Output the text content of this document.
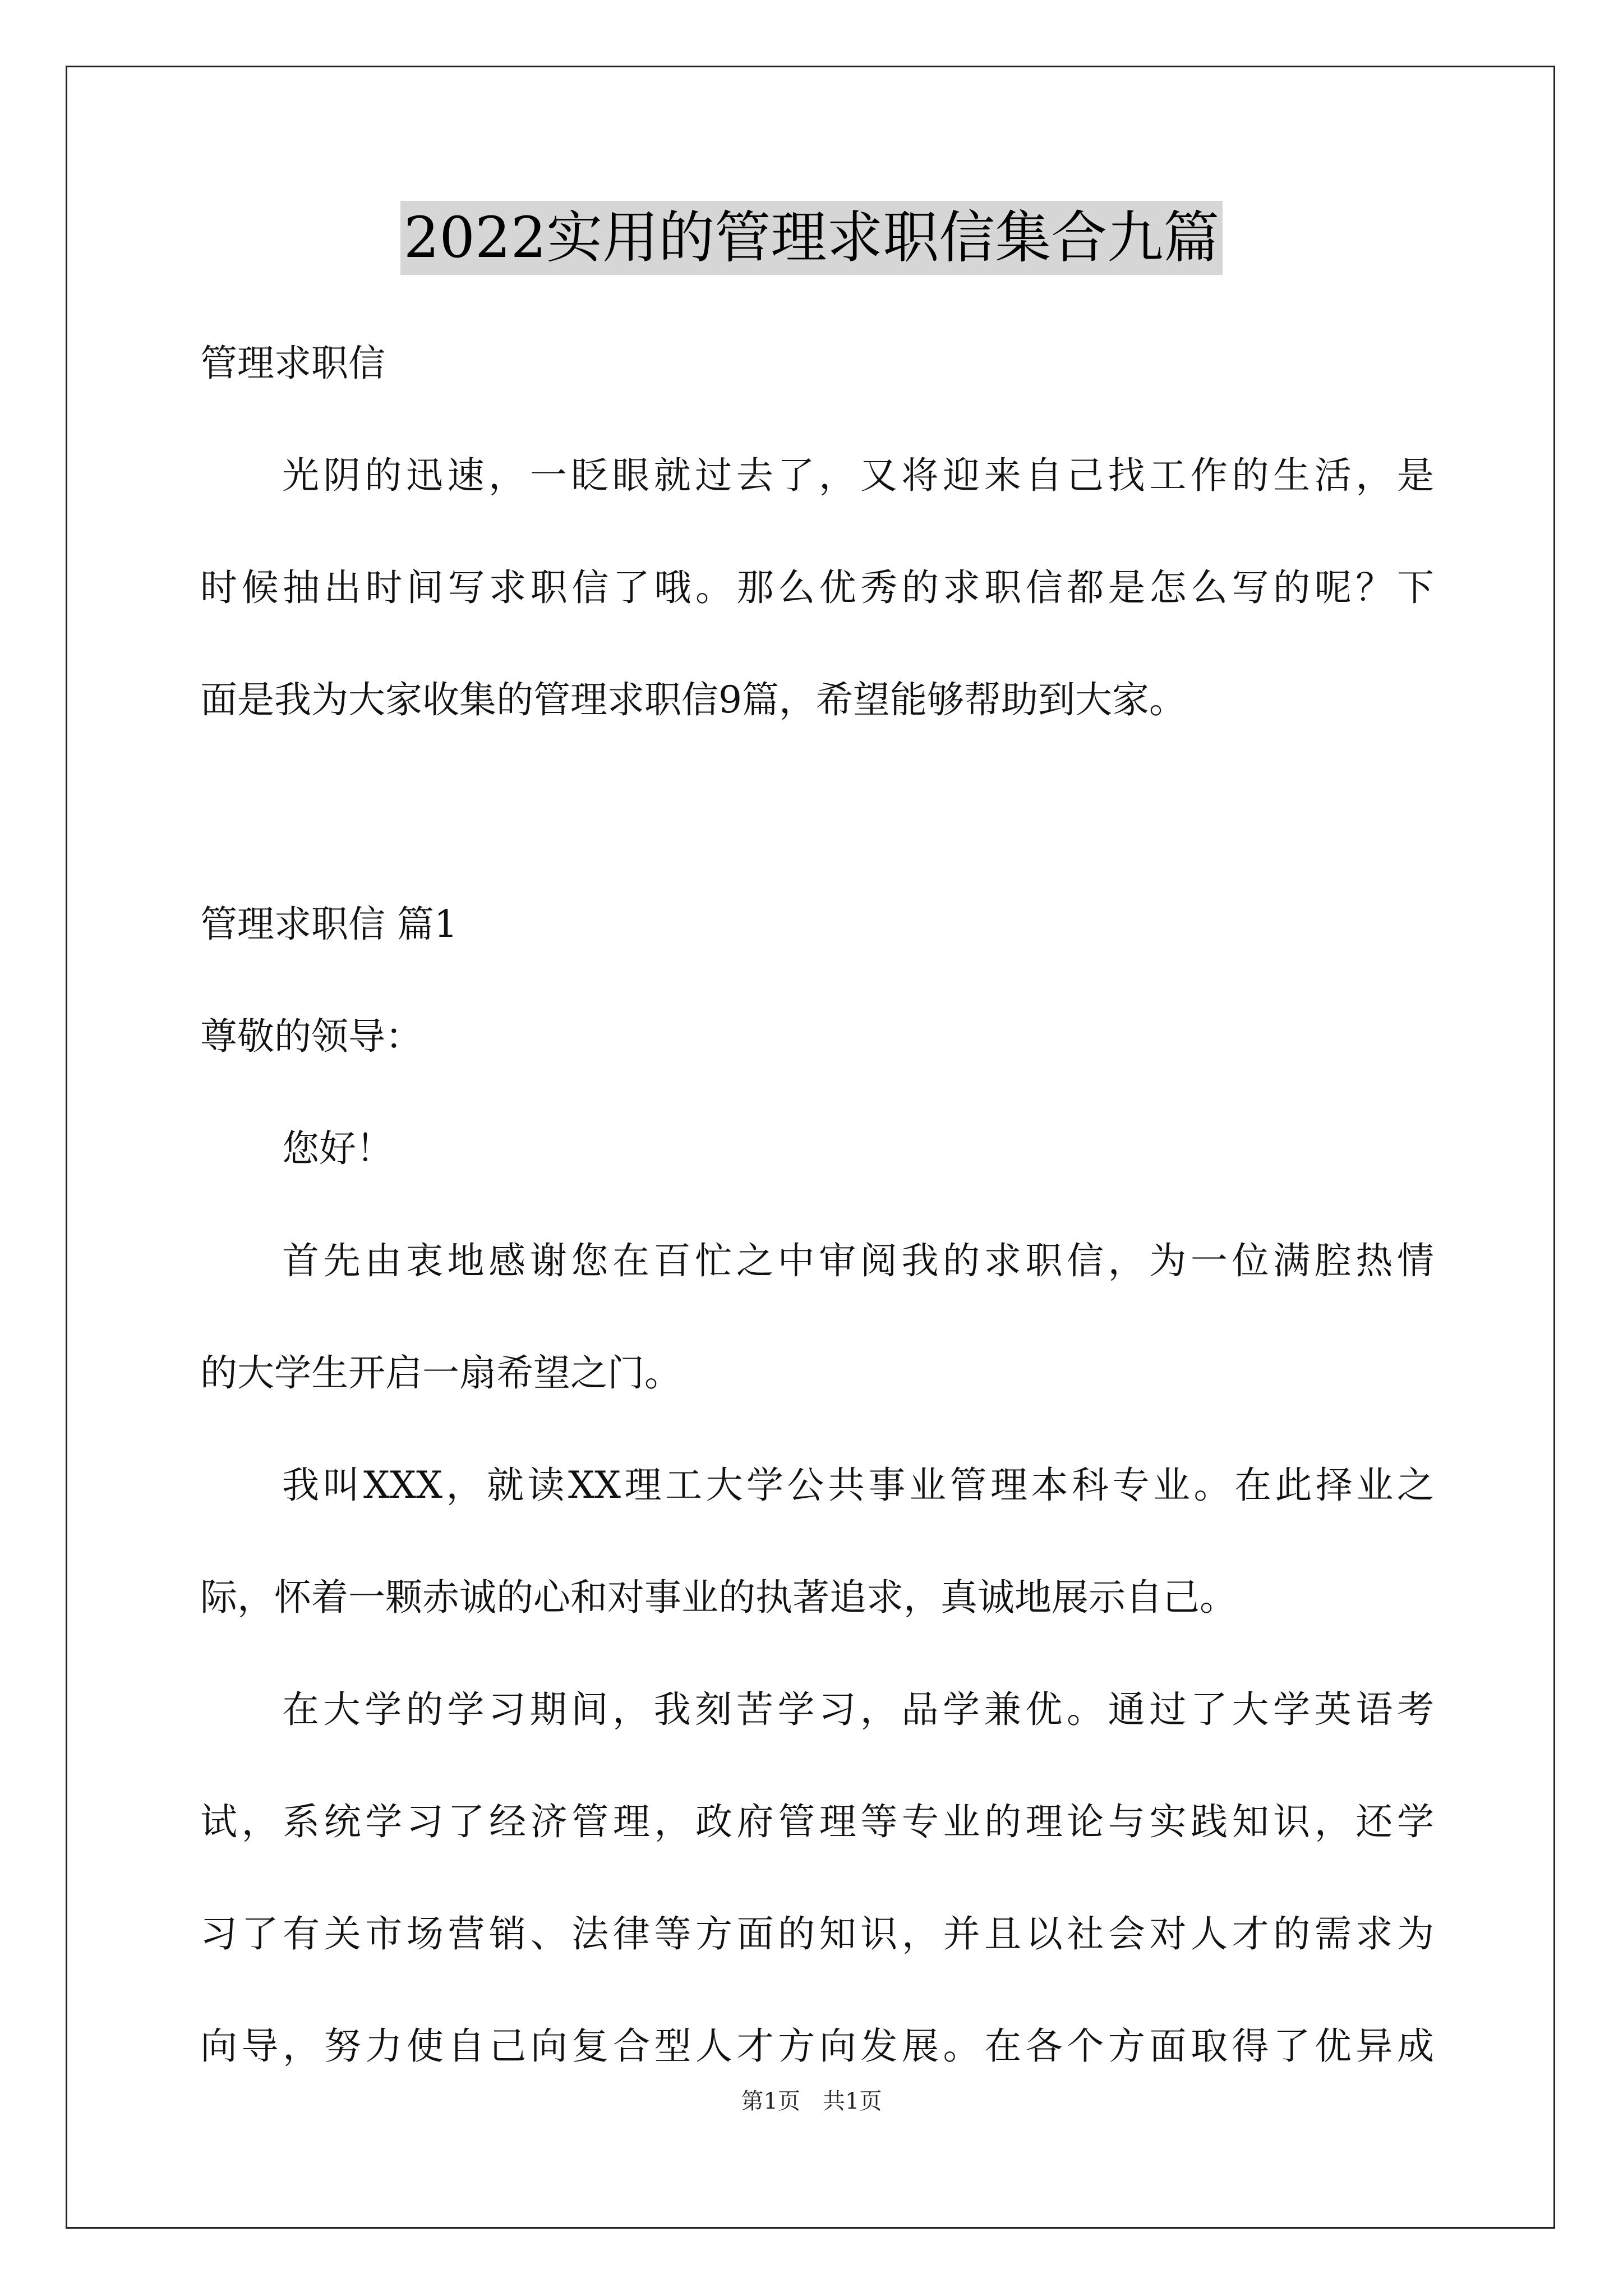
2022实用的管理求职信集合九篇
管理求职信
光阴的迅速，一眨眼就过去了，又将迎来自己找工作的生活，是
时候抽出时间写求职信了哦。那么优秀的求职信都是怎么写的呢？下
面是我为大家收集的管理求职信9篇，希望能够帮助到大家。
管理求职信 篇1
尊敬的领导：
您好！
首先由衷地感谢您在百忙之中审阅我的求职信，为一位满腔热情
的大学生开启一扇希望之门。
我叫XXX，就读XX理工大学公共事业管理本科专业。在此择业之
际，怀着一颗赤诚的心和对事业的执著追求，真诚地展示自己。
在大学的学习期间，我刻苦学习，品学兼优。通过了大学英语考
试，系统学习了经济管理，政府管理等专业的理论与实践知识，还学
习了有关市场营销、法律等方面的知识，并且以社会对人才的需求为
向导，努力使自己向复合型人才方向发展。在各个方面取得了优异成
第1页　共1页
